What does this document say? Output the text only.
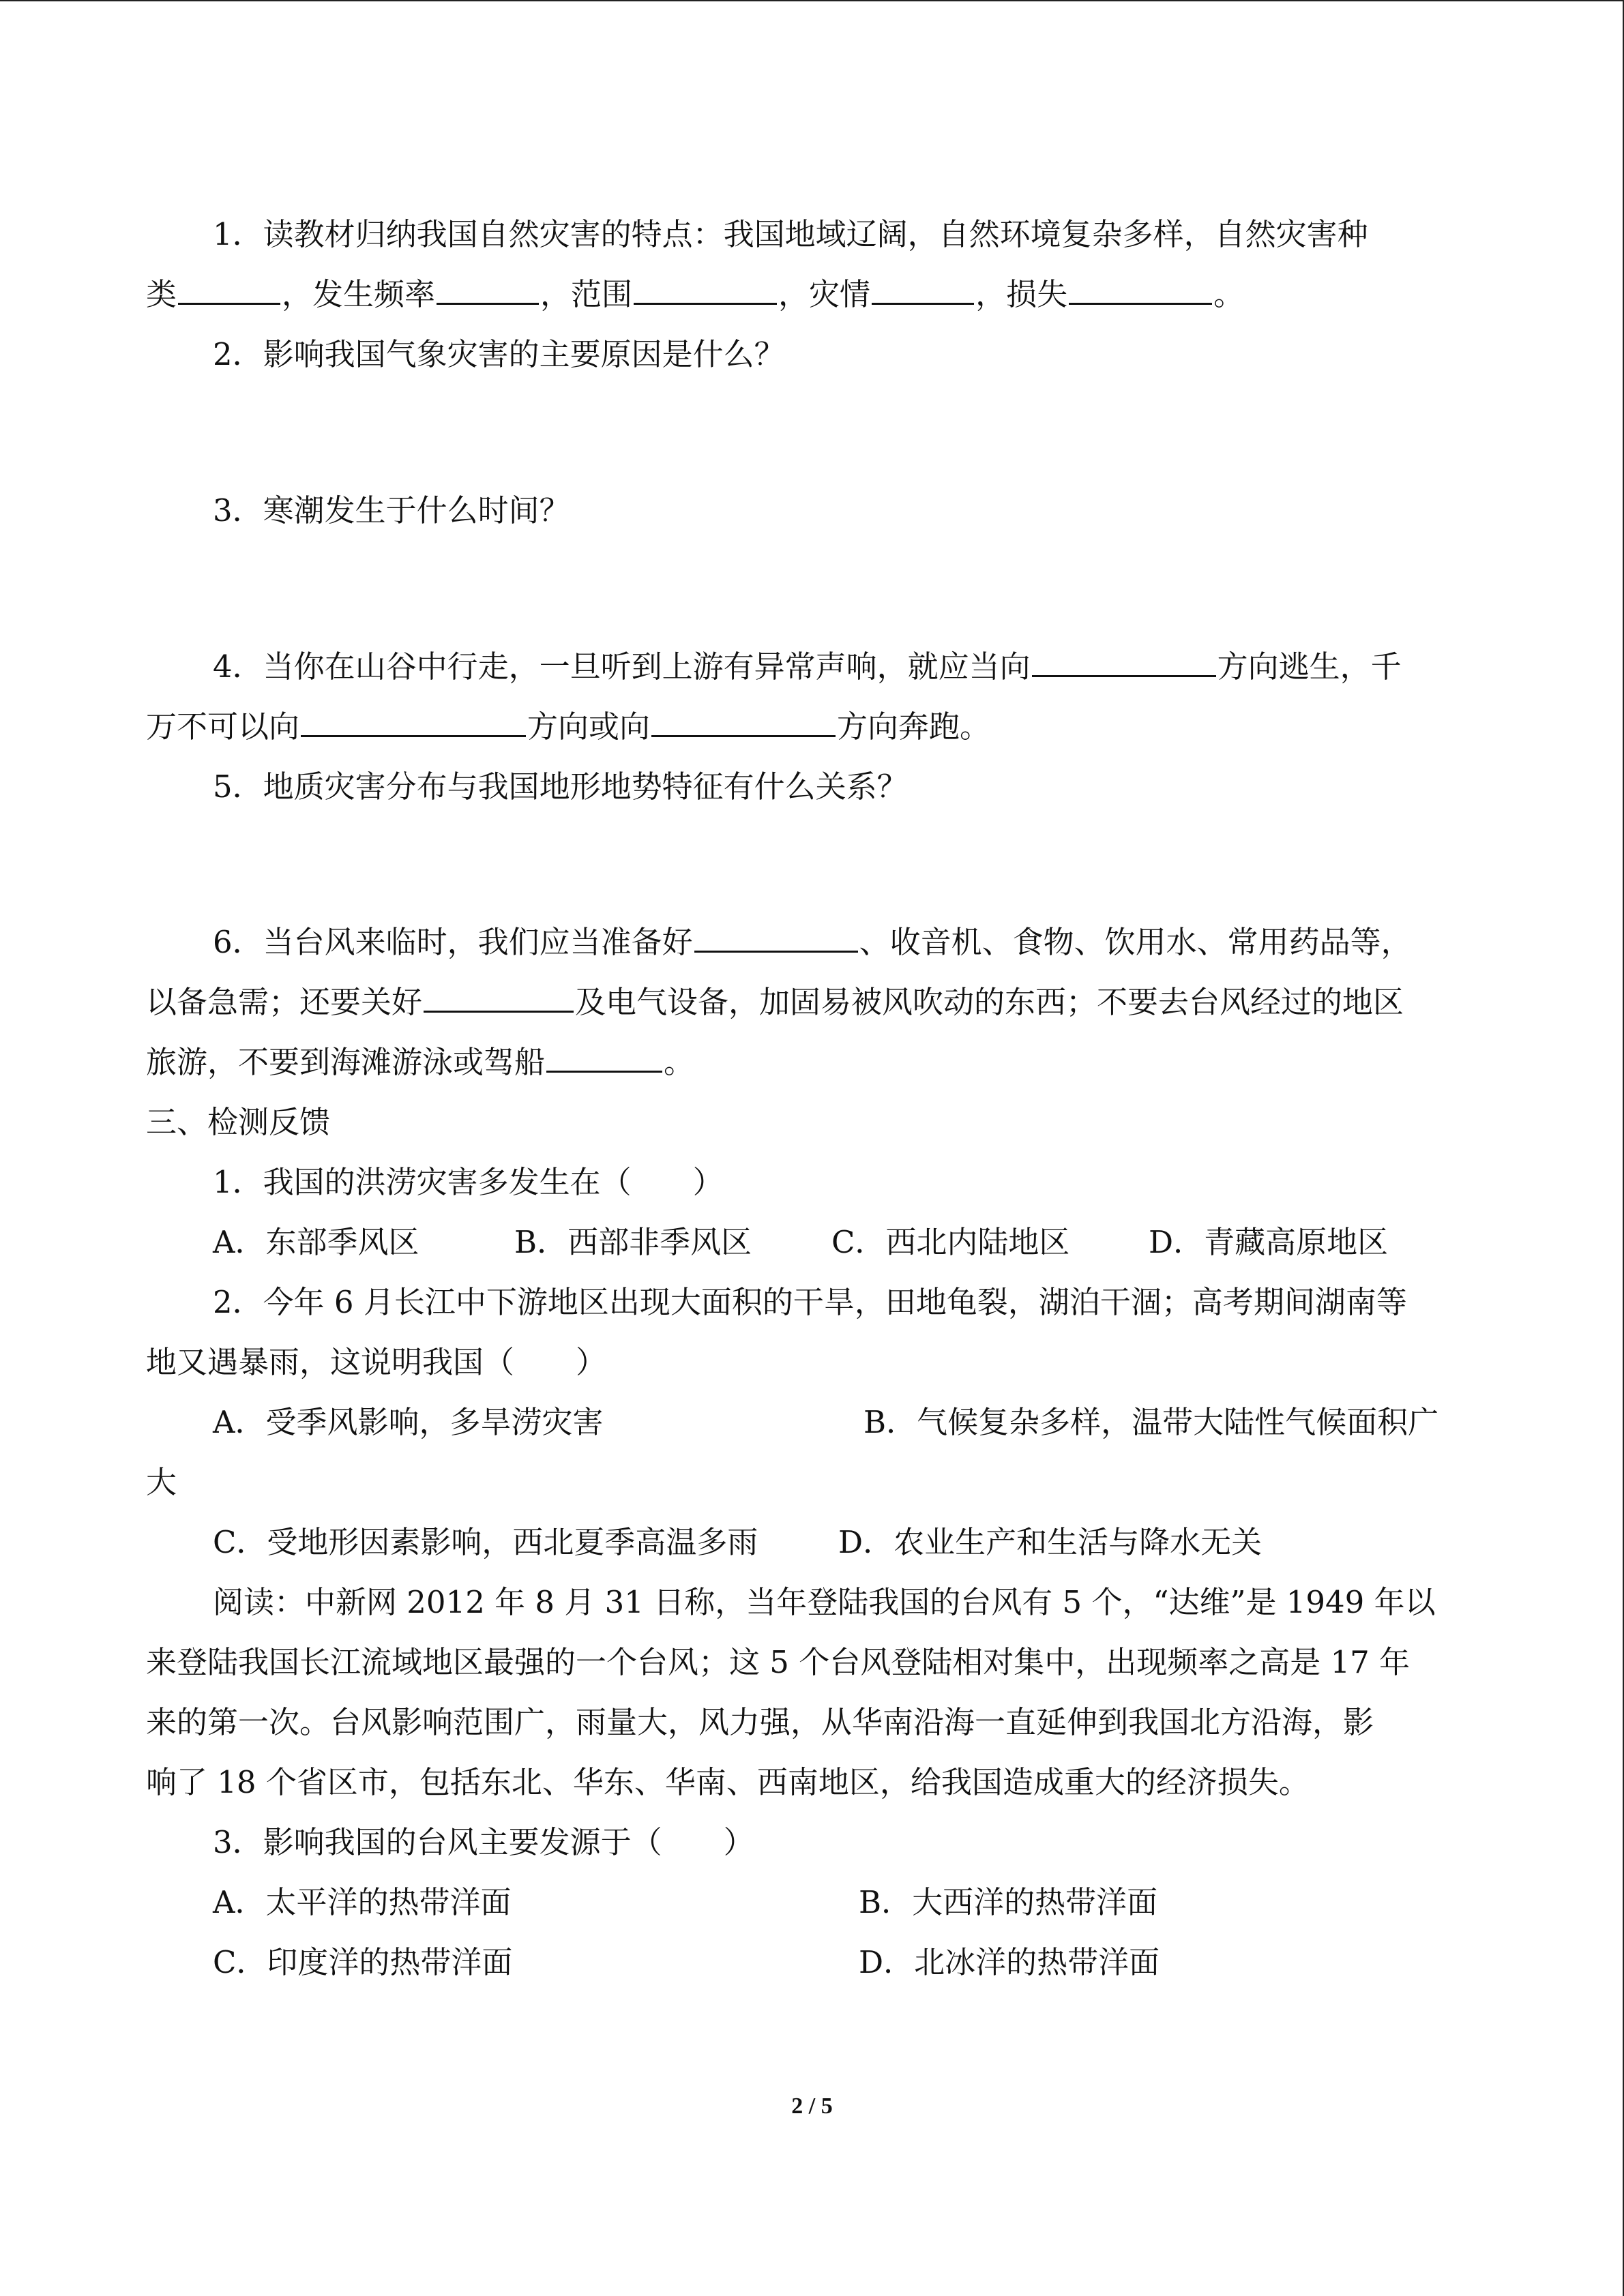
1．读教材归纳我国自然灾害的特点：我国地域辽阔，自然环境复杂多样，自然灾害种
类	，发生频率	，范围	，灾情	，损失	。
2．影响我国气象灾害的主要原因是什么？
3．寒潮发生于什么时间？
4．当你在山谷中行走，一旦听到上游有异常声响，就应当向	方向逃生，千
万不可以向	方向或向	方向奔跑。
5．地质灾害分布与我国地形地势特征有什么关系？
6．当台风来临时，我们应当准备好	、收音机、食物、饮用水、常用药品等，
以备急需；还要关好	及电气设备，加固易被风吹动的东西；不要去台风经过的地区
旅游，不要到海滩游泳或驾船	。
三、检测反馈
1．我国的洪涝灾害多发生在（　　）
A．东部季风区	B．西部非季风区	C．西北内陆地区	D．青藏高原地区
2．今年 6 月长江中下游地区出现大面积的干旱，田地龟裂，湖泊干涸；高考期间湖南等
地又遇暴雨，这说明我国（　　）
A．受季风影响，多旱涝灾害	B．气候复杂多样，温带大陆性气候面积广
大
C．受地形因素影响，西北夏季高温多雨	D．农业生产和生活与降水无关
阅读：中新网 2012 年 8 月 31 日称，当年登陆我国的台风有 5 个，“达维”是 1949 年以
来登陆我国长江流域地区最强的一个台风；这 5 个台风登陆相对集中，出现频率之高是 17 年
来的第一次。台风影响范围广，雨量大，风力强，从华南沿海一直延伸到我国北方沿海，影
响了 18 个省区市，包括东北、华东、华南、西南地区，给我国造成重大的经济损失。
3．影响我国的台风主要发源于（　　）
A．太平洋的热带洋面	B．大西洋的热带洋面
C．印度洋的热带洋面	D．北冰洋的热带洋面
2 / 5
